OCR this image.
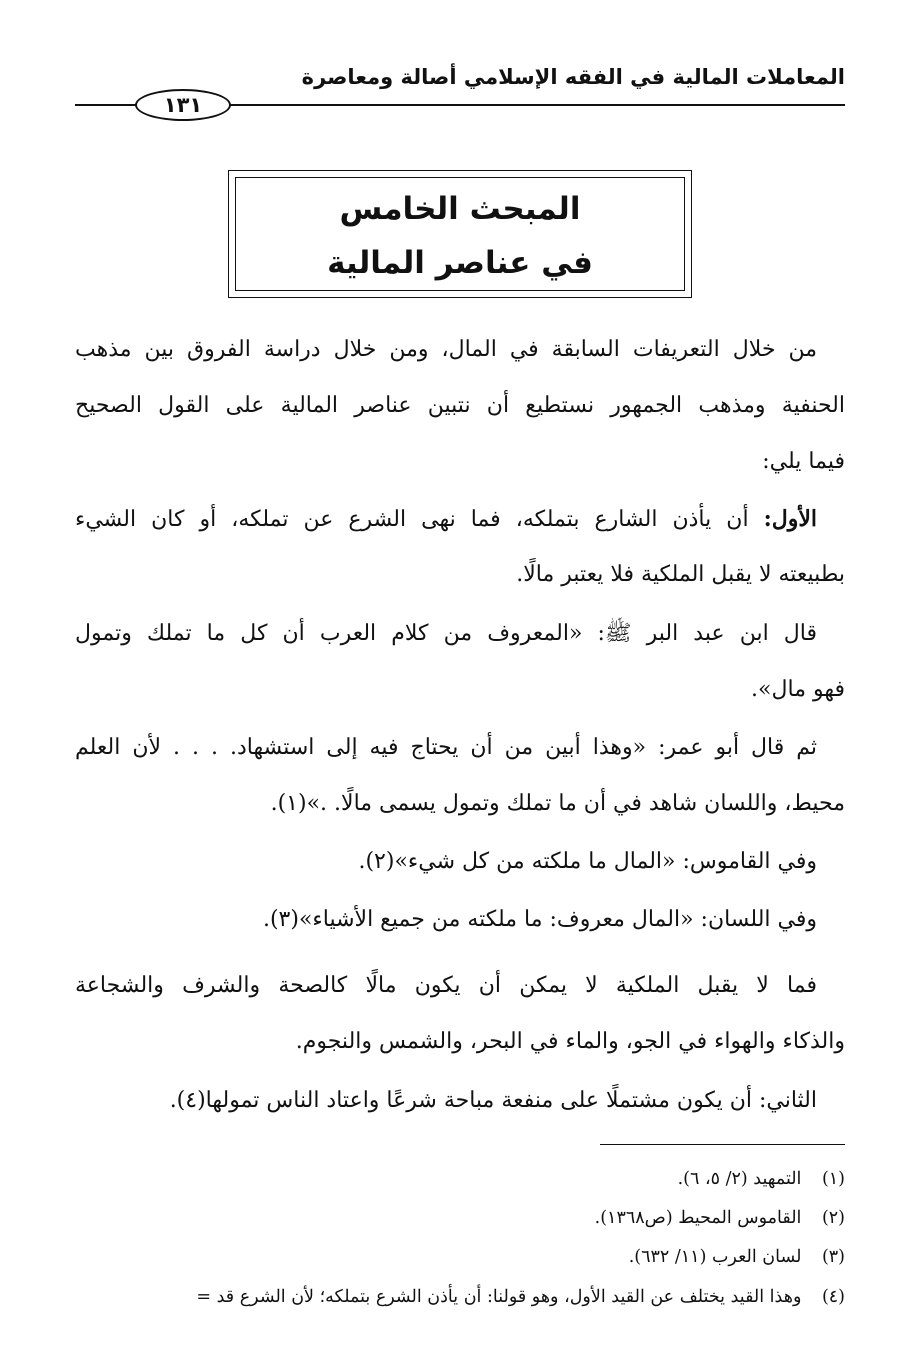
المعاملات المالية في الفقه الإسلامي أصالة ومعاصرة
١٣١
المبحث الخامس
في عناصر المالية
من خلال التعريفات السابقة في المال، ومن خلال دراسة الفروق بين مذهب
الحنفية ومذهب الجمهور نستطيع أن نتبين عناصر المالية على القول الصحيح
فيما يلي:
الأول: أن يأذن الشارع بتملكه، فما نهى الشرع عن تملكه، أو كان الشيء
بطبيعته لا يقبل الملكية فلا يعتبر مالًا.
قال ابن عبد البر ﷺ: «المعروف من كلام العرب أن كل ما تملك وتمول
فهو مال».
ثم قال أبو عمر: «وهذا أبين من أن يحتاج فيه إلى استشهاد. . . . لأن العلم
محيط، واللسان شاهد في أن ما تملك وتمول يسمى مالًا. .»(١).
وفي القاموس: «المال ما ملكته من كل شيء»(٢).
وفي اللسان: «المال معروف: ما ملكته من جميع الأشياء»(٣).
فما لا يقبل الملكية لا يمكن أن يكون مالًا كالصحة والشرف والشجاعة
والذكاء والهواء في الجو، والماء في البحر، والشمس والنجوم.
الثاني: أن يكون مشتملًا على منفعة مباحة شرعًا واعتاد الناس تمولها(٤).
(١) التمهيد (٢/ ٥، ٦).
(٢) القاموس المحيط (ص١٣٦٨).
(٣) لسان العرب (١١/ ٦٣٢).
(٤) وهذا القيد يختلف عن القيد الأول، وهو قولنا: أن يأذن الشرع بتملكه؛ لأن الشرع قد =
